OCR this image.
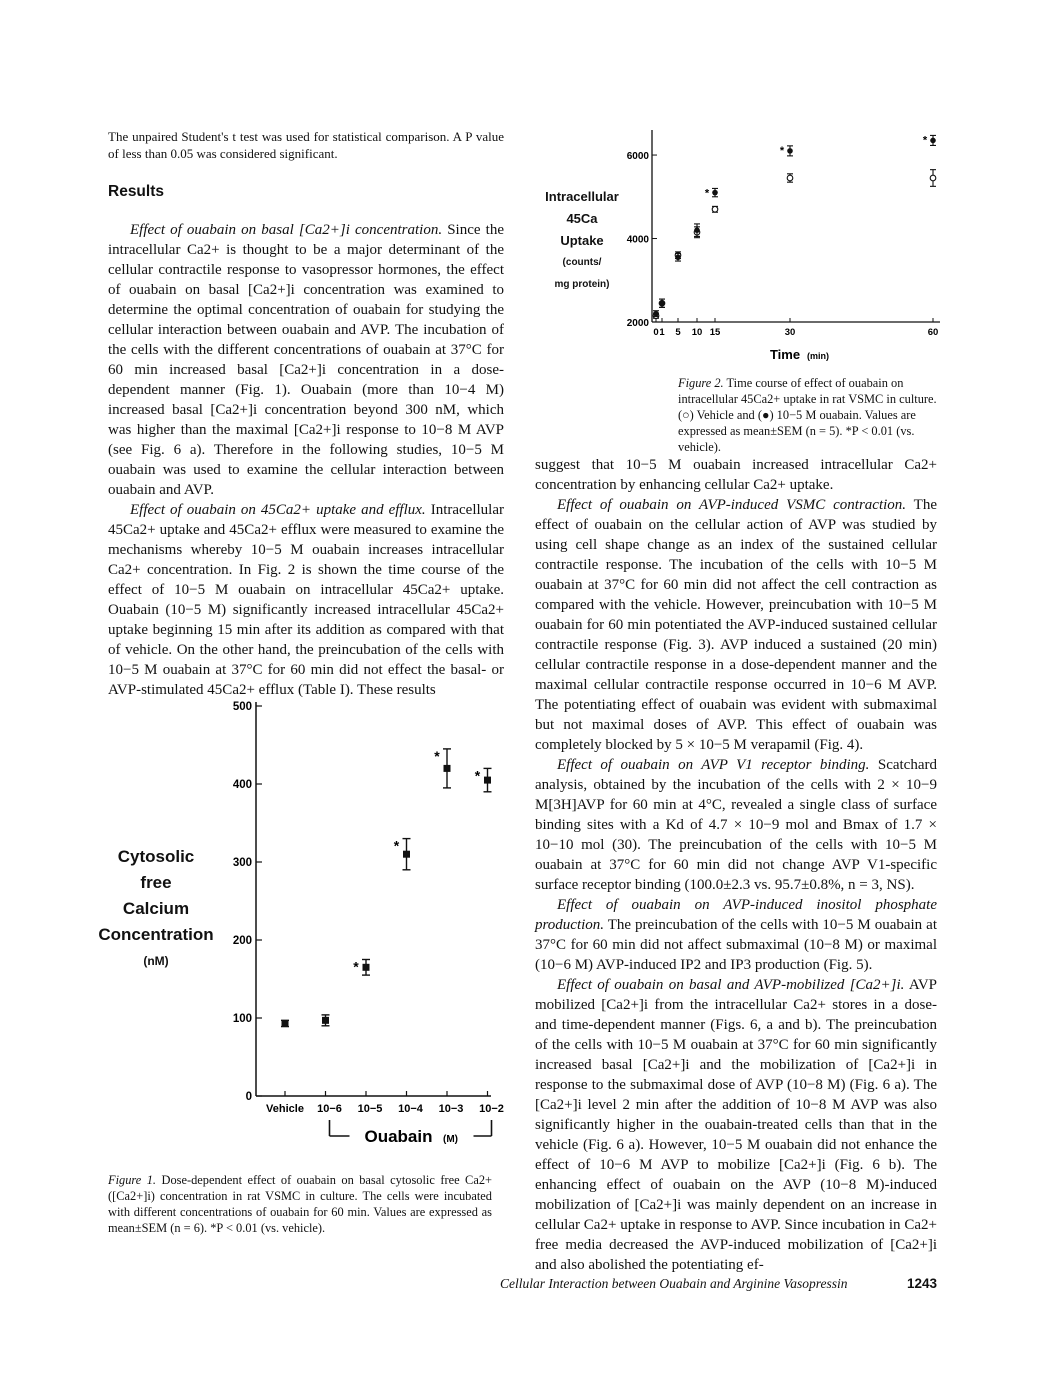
The unpaired Student's t test was used for statistical comparison. A P value of less than 0.05 was considered significant.

Results

Effect of ouabain on basal [Ca2+]i concentration. Since the intracellular Ca2+ is thought to be a major determinant of the cellular contractile response to vasopressor hormones, the effect of ouabain on basal [Ca2+]i concentration was examined to determine the optimal concentration of ouabain for studying the cellular interaction between ouabain and AVP. The incubation of the cells with the different concentrations of ouabain at 37°C for 60 min increased basal [Ca2+]i concentration in a dose-dependent manner (Fig. 1). Ouabain (more than 10−4 M) increased basal [Ca2+]i concentration beyond 300 nM, which was higher than the maximal [Ca2+]i response to 10−8 M AVP (see Fig. 6 a). Therefore in the following studies, 10−5 M ouabain was used to examine the cellular interaction between ouabain and AVP.

Effect of ouabain on 45Ca2+ uptake and efflux. Intracellular 45Ca2+ uptake and 45Ca2+ efflux were measured to examine the mechanisms whereby 10−5 M ouabain increases intracellular Ca2+ concentration. In Fig. 2 is shown the time course of the effect of 10−5 M ouabain on intracellular 45Ca2+ uptake. Ouabain (10−5 M) significantly increased intracellular 45Ca2+ uptake beginning 15 min after its addition as compared with that of vehicle. On the other hand, the preincubation of the cells with 10−5 M ouabain at 37°C for 60 min did not effect the basal- or AVP-stimulated 45Ca2+ efflux (Table I). These results

Cytosolic
free
Calcium
Concentration
(nM)
0
100
200
300
400
500
Vehicle 10−6 10−5
*
10−4
*
10−3
*
10−2
*
Ouabain (M)
Figure 1. Dose-dependent effect of ouabain on basal cytosolic free Ca2+ ([Ca2+]i) concentration in rat VSMC in culture. The cells were incubated with different concentrations of ouabain for 60 min. Values are expressed as mean±SEM (n = 6). *P < 0.01 (vs. vehicle).
Intracellular
45Ca
Uptake
(counts/
mg protein)
2000
4000
6000
0 1 5 10 15	30	60
Time (min)
*
*
*
Figure 2. Time course of effect of ouabain on intracellular 45Ca2+ uptake in rat VSMC in culture. (○) Vehicle and (●) 10−5 M ouabain. Values are expressed as mean±SEM (n = 5). *P < 0.01 (vs. vehicle).

suggest that 10−5 M ouabain increased intracellular Ca2+ concentration by enhancing cellular Ca2+ uptake.

Effect of ouabain on AVP-induced VSMC contraction. The effect of ouabain on the cellular action of AVP was studied by using cell shape change as an index of the sustained cellular contractile response. The incubation of the cells with 10−5 M ouabain at 37°C for 60 min did not affect the cell contraction as compared with the vehicle. However, preincubation with 10−5 M ouabain for 60 min potentiated the AVP-induced sustained cellular contractile response (Fig. 3). AVP induced a sustained (20 min) cellular contractile response in a dose-dependent manner and the maximal cellular contractile response occurred in 10−6 M AVP. The potentiating effect of ouabain was evident with submaximal but not maximal doses of AVP. This effect of ouabain was completely blocked by 5 × 10−5 M verapamil (Fig. 4).

Effect of ouabain on AVP V1 receptor binding. Scatchard analysis, obtained by the incubation of the cells with 2 × 10−9 M[3H]AVP for 60 min at 4°C, revealed a single class of surface binding sites with a Kd of 4.7 × 10−9 mol and Bmax of 1.7 × 10−10 mol (30). The preincubation of the cells with 10−5 M ouabain at 37°C for 60 min did not change AVP V1-specific surface receptor binding (100.0±2.3 vs. 95.7±0.8%, n = 3, NS).

Effect of ouabain on AVP-induced inositol phosphate production. The preincubation of the cells with 10−5 M ouabain at 37°C for 60 min did not affect submaximal (10−8 M) or maximal (10−6 M) AVP-induced IP2 and IP3 production (Fig. 5).

Effect of ouabain on basal and AVP-mobilized [Ca2+]i. AVP mobilized [Ca2+]i from the intracellular Ca2+ stores in a dose- and time-dependent manner (Figs. 6, a and b). The preincubation of the cells with 10−5 M ouabain at 37°C for 60 min significantly increased basal [Ca2+]i and the mobilization of [Ca2+]i in response to the submaximal dose of AVP (10−8 M) (Fig. 6 a). The [Ca2+]i level 2 min after the addition of 10−8 M AVP was also significantly higher in the ouabain-treated cells than that in the vehicle (Fig. 6 a). However, 10−5 M ouabain did not enhance the effect of 10−6 M AVP to mobilize [Ca2+]i (Fig. 6 b). The enhancing effect of ouabain on the AVP (10−8 M)-induced mobilization of [Ca2+]i was mainly dependent on an increase in cellular Ca2+ uptake in response to AVP. Since incubation in Ca2+ free media decreased the AVP-induced mobilization of [Ca2+]i and also abolished the potentiating ef-

Cellular Interaction between Ouabain and Arginine Vasopressin	1243
